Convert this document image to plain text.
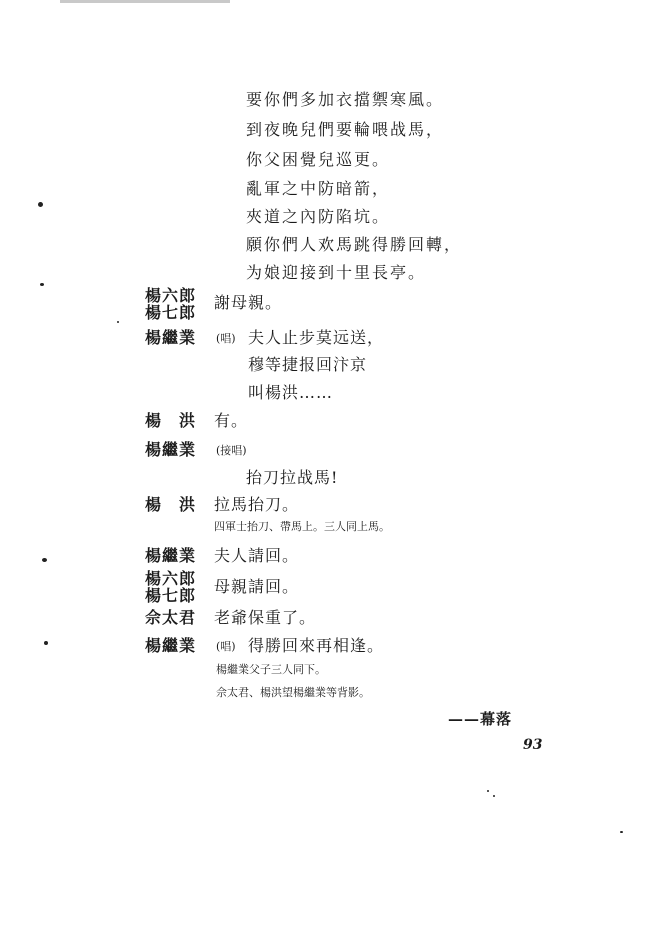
要你們多加衣擋禦寒風。
到夜晚兒們要輪喂战馬，
你父困覺兒巡更。
亂軍之中防暗箭，
夾道之內防陷坑。
願你們人欢馬跳得勝回轉，
为娘迎接到十里長亭。
楊六郎
楊七郎
謝母親。
楊繼業 (唱) 夫人止步莫远送，
穆等捷报回汴京
叫楊洪……
楊　洪 有。
楊繼業 (接唱)
抬刀拉战馬!
楊　洪 拉馬抬刀。
四軍士抬刀、帶馬上。三人同上馬。
楊繼業 夫人請回。
楊六郎
楊七郎 母親請回。
佘太君 老爺保重了。
楊繼業 (唱) 得勝回來再相逢。
楊繼業父子三人同下。
佘太君、楊洪望楊繼業等背影。
——幕落
93
